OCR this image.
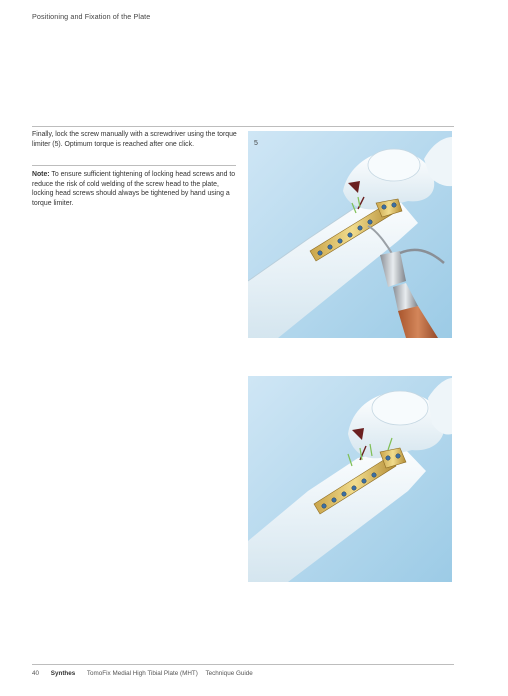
Positioning and Fixation of the Plate
Finally, lock the screw manually with a screwdriver using the torque limiter (5). Optimum torque is reached after one click.
Note: To ensure sufficient tightening of locking head screws and to reduce the risk of cold welding of the screw head to the plate, locking head screws should always be tightened by hand using a torque limiter.
5
40 Synthes TomoFix Medial High Tibial Plate (MHT) Technique Guide
